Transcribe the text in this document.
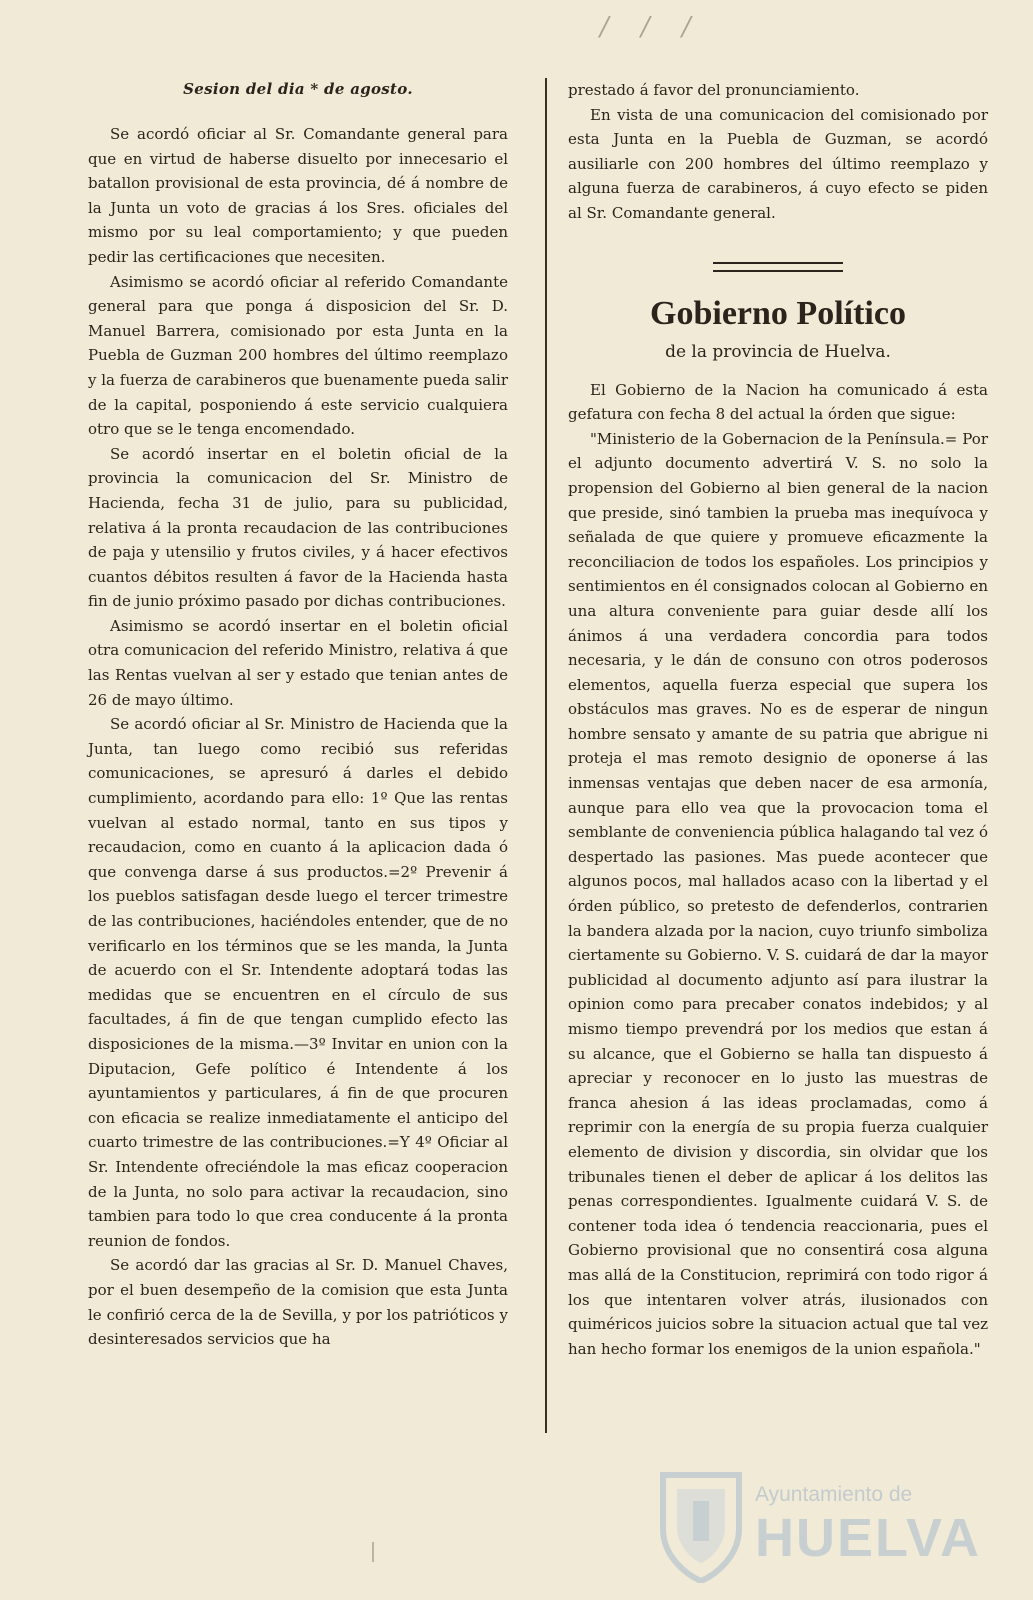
/ / /
Sesion del dia * de agosto.

Se acordó oficiar al Sr. Comandante general para que en virtud de haberse disuelto por innecesario el batallon provisional de esta provincia, dé á nombre de la Junta un voto de gracias á los Sres. oficiales del mismo por su leal comportamiento; y que pueden pedir las certificaciones que necesiten.

Asimismo se acordó oficiar al referido Comandante general para que ponga á disposicion del Sr. D. Manuel Barrera, comisionado por esta Junta en la Puebla de Guzman 200 hombres del último reemplazo y la fuerza de carabineros que buenamente pueda salir de la capital, posponiendo á este servicio cualquiera otro que se le tenga encomendado.

Se acordó insertar en el boletin oficial de la provincia la comunicacion del Sr. Ministro de Hacienda, fecha 31 de julio, para su publicidad, relativa á la pronta recaudacion de las contribuciones de paja y utensilio y frutos civiles, y á hacer efectivos cuantos débitos resulten á favor de la Hacienda hasta fin de junio próximo pasado por dichas contribuciones.

Asimismo se acordó insertar en el boletin oficial otra comunicacion del referido Ministro, relativa á que las Rentas vuelvan al ser y estado que tenian antes de 26 de mayo último.

Se acordó oficiar al Sr. Ministro de Hacienda que la Junta, tan luego como recibió sus referidas comunicaciones, se apresuró á darles el debido cumplimiento, acordando para ello: 1º Que las rentas vuelvan al estado normal, tanto en sus tipos y recaudacion, como en cuanto á la aplicacion dada ó que convenga darse á sus productos.=2º Prevenir á los pueblos satisfagan desde luego el tercer trimestre de las contribuciones, haciéndoles entender, que de no verificarlo en los términos que se les manda, la Junta de acuerdo con el Sr. Intendente adoptará todas las medidas que se encuentren en el círculo de sus facultades, á fin de que tengan cumplido efecto las disposiciones de la misma.—3º Invitar en union con la Diputacion, Gefe político é Intendente á los ayuntamientos y particulares, á fin de que procuren con eficacia se realize inmediatamente el anticipo del cuarto trimestre de las contribuciones.=Y 4º Oficiar al Sr. Intendente ofreciéndole la mas eficaz cooperacion de la Junta, no solo para activar la recaudacion, sino tambien para todo lo que crea conducente á la pronta reunion de fondos.

Se acordó dar las gracias al Sr. D. Manuel Chaves, por el buen desempeño de la comision que esta Junta le confirió cerca de la de Sevilla, y por los patrióticos y desinteresados servicios que ha

prestado á favor del pronunciamiento.

En vista de una comunicacion del comisionado por esta Junta en la Puebla de Guzman, se acordó ausiliarle con 200 hombres del último reemplazo y alguna fuerza de carabineros, á cuyo efecto se piden al Sr. Comandante general.

Gobierno Político
de la provincia de Huelva.

El Gobierno de la Nacion ha comunicado á esta gefatura con fecha 8 del actual la órden que sigue:

"Ministerio de la Gobernacion de la Península.= Por el adjunto documento advertirá V. S. no solo la propension del Gobierno al bien general de la nacion que preside, sinó tambien la prueba mas inequívoca y señalada de que quiere y promueve eficazmente la reconciliacion de todos los españoles. Los principios y sentimientos en él consignados colocan al Gobierno en una altura conveniente para guiar desde allí los ánimos á una verdadera concordia para todos necesaria, y le dán de consuno con otros poderosos elementos, aquella fuerza especial que supera los obstáculos mas graves. No es de esperar de ningun hombre sensato y amante de su patria que abrigue ni proteja el mas remoto designio de oponerse á las inmensas ventajas que deben nacer de esa armonía, aunque para ello vea que la provocacion toma el semblante de conveniencia pública halagando tal vez ó despertado las pasiones. Mas puede acontecer que algunos pocos, mal hallados acaso con la libertad y el órden público, so pretesto de defenderlos, contrarien la bandera alzada por la nacion, cuyo triunfo simboliza ciertamente su Gobierno. V. S. cuidará de dar la mayor publicidad al documento adjunto así para ilustrar la opinion como para precaber conatos indebidos; y al mismo tiempo prevendrá por los medios que estan á su alcance, que el Gobierno se halla tan dispuesto á apreciar y reconocer en lo justo las muestras de franca ahesion á las ideas proclamadas, como á reprimir con la energía de su propia fuerza cualquier elemento de division y discordia, sin olvidar que los tribunales tienen el deber de aplicar á los delitos las penas correspondientes. Igualmente cuidará V. S. de contener toda idea ó tendencia reaccionaria, pues el Gobierno provisional que no consentirá cosa alguna mas allá de la Constitucion, reprimirá con todo rigor á los que intentaren volver atrás, ilusionados con quiméricos juicios sobre la situacion actual que tal vez han hecho formar los enemigos de la union española."

Ayuntamiento de
HUELVA
